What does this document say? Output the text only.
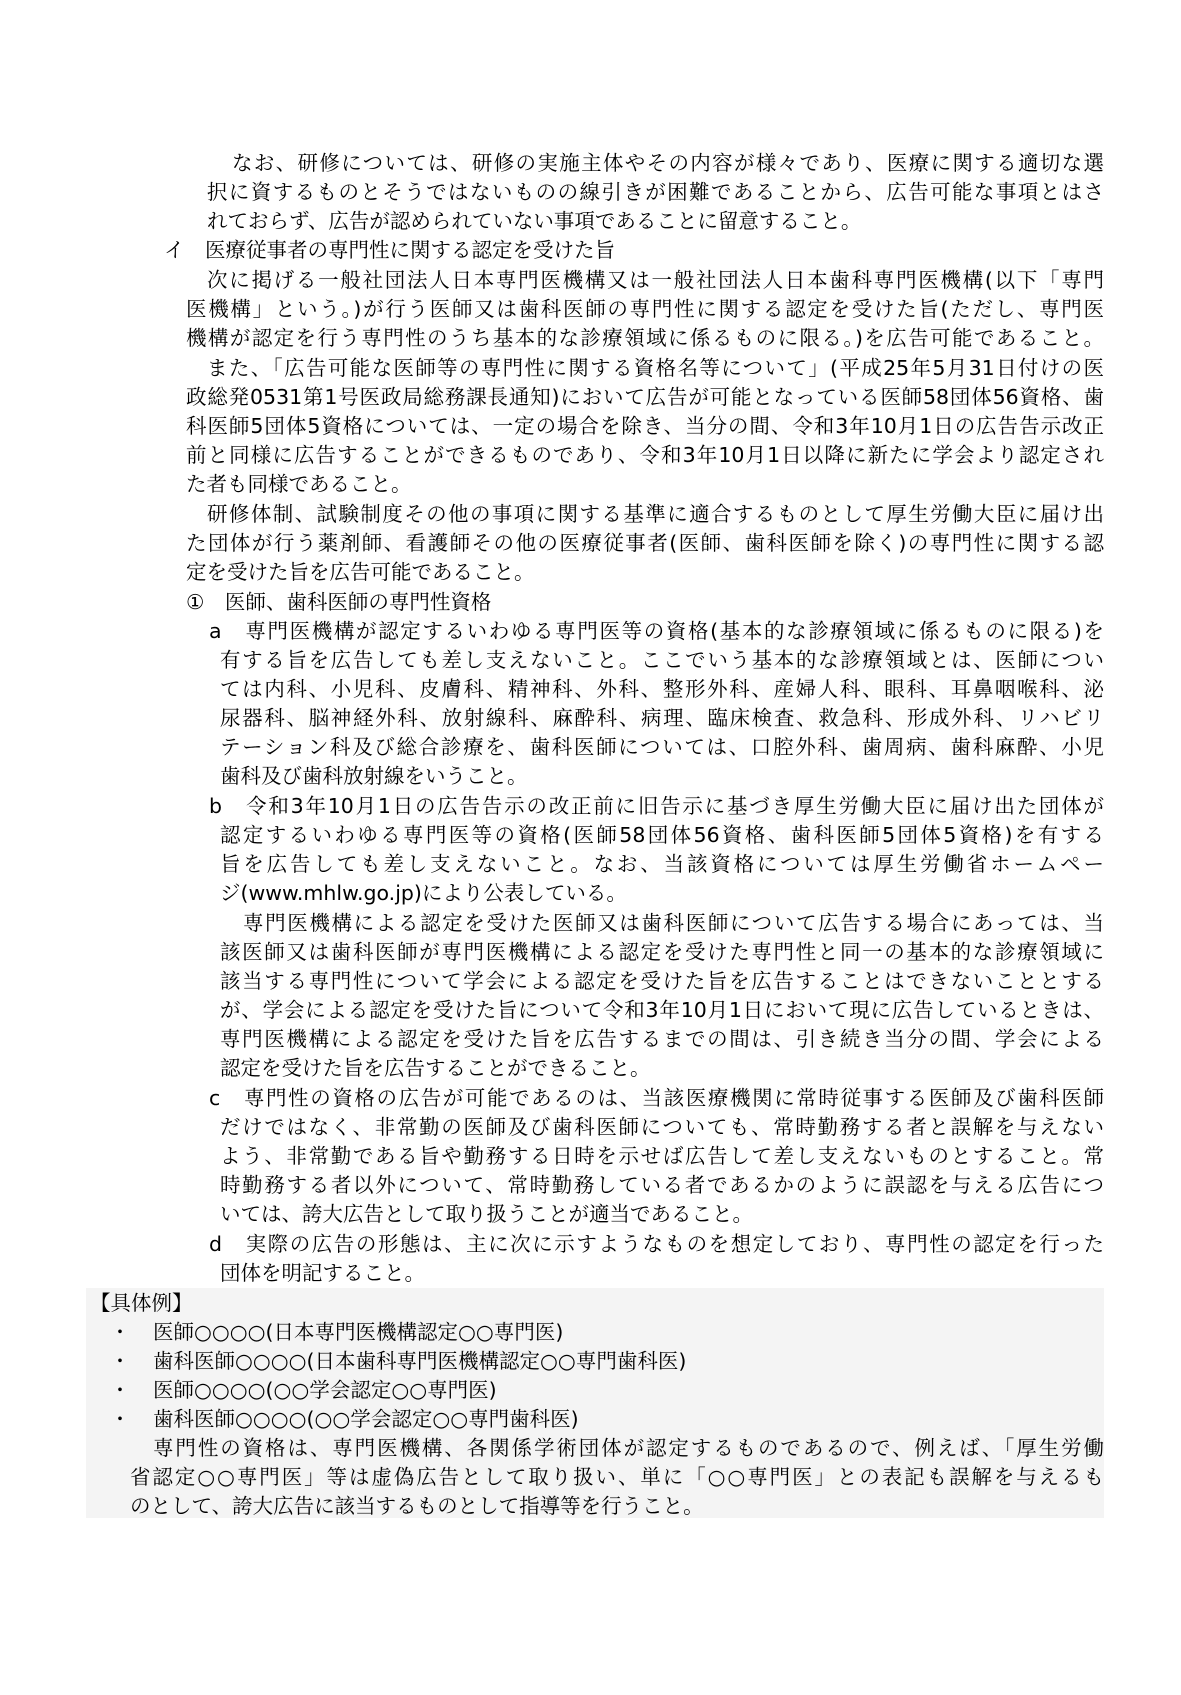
なお、研修については、研修の実施主体やその内容が様々であり、医療に関する適切な選
択に資するものとそうではないものの線引きが困難であることから、広告可能な事項とはさ
れておらず、広告が認められていない事項であることに留意すること。
イ　医療従事者の専門性に関する認定を受けた旨
次に掲げる一般社団法人日本専門医機構又は一般社団法人日本歯科専門医機構(以下「専門
医機構」という。)が行う医師又は歯科医師の専門性に関する認定を受けた旨(ただし、専門医
機構が認定を行う専門性のうち基本的な診療領域に係るものに限る。)を広告可能であること。
また、「広告可能な医師等の専門性に関する資格名等について」(平成25年5月31日付けの医
政総発0531第1号医政局総務課長通知)において広告が可能となっている医師58団体56資格、歯
科医師5団体5資格については、一定の場合を除き、当分の間、令和3年10月1日の広告告示改正
前と同様に広告することができるものであり、令和3年10月1日以降に新たに学会より認定され
た者も同様であること。
研修体制、試験制度その他の事項に関する基準に適合するものとして厚生労働大臣に届け出
た団体が行う薬剤師、看護師その他の医療従事者(医師、歯科医師を除く)の専門性に関する認
定を受けた旨を広告可能であること。
①　医師、歯科医師の専門性資格
a　専門医機構が認定するいわゆる専門医等の資格(基本的な診療領域に係るものに限る)を
有する旨を広告しても差し支えないこと。ここでいう基本的な診療領域とは、医師につい
ては内科、小児科、皮膚科、精神科、外科、整形外科、産婦人科、眼科、耳鼻咽喉科、泌
尿器科、脳神経外科、放射線科、麻酔科、病理、臨床検査、救急科、形成外科、リハビリ
テーション科及び総合診療を、歯科医師については、口腔外科、歯周病、歯科麻酔、小児
歯科及び歯科放射線をいうこと。
b　令和3年10月1日の広告告示の改正前に旧告示に基づき厚生労働大臣に届け出た団体が
認定するいわゆる専門医等の資格(医師58団体56資格、歯科医師5団体5資格)を有する
旨を広告しても差し支えないこと。なお、当該資格については厚生労働省ホームペー
ジ(www.mhlw.go.jp)により公表している。
専門医機構による認定を受けた医師又は歯科医師について広告する場合にあっては、当
該医師又は歯科医師が専門医機構による認定を受けた専門性と同一の基本的な診療領域に
該当する専門性について学会による認定を受けた旨を広告することはできないこととする
が、学会による認定を受けた旨について令和3年10月1日において現に広告しているときは、
専門医機構による認定を受けた旨を広告するまでの間は、引き続き当分の間、学会による
認定を受けた旨を広告することができること。
c　専門性の資格の広告が可能であるのは、当該医療機関に常時従事する医師及び歯科医師
だけではなく、非常勤の医師及び歯科医師についても、常時勤務する者と誤解を与えない
よう、非常勤である旨や勤務する日時を示せば広告して差し支えないものとすること。常
時勤務する者以外について、常時勤務している者であるかのように誤認を与える広告につ
いては、誇大広告として取り扱うことが適当であること。
d　実際の広告の形態は、主に次に示すようなものを想定しており、専門性の認定を行った
団体を明記すること。
【具体例】
・ 医師○○○○(日本専門医機構認定○○専門医)
・ 歯科医師○○○○(日本歯科専門医機構認定○○専門歯科医)
・ 医師○○○○(○○学会認定○○専門医)
・ 歯科医師○○○○(○○学会認定○○専門歯科医)
専門性の資格は、専門医機構、各関係学術団体が認定するものであるので、例えば、「厚生労働
省認定○○専門医」等は虚偽広告として取り扱い、単に「○○専門医」との表記も誤解を与えるも
のとして、誇大広告に該当するものとして指導等を行うこと。
